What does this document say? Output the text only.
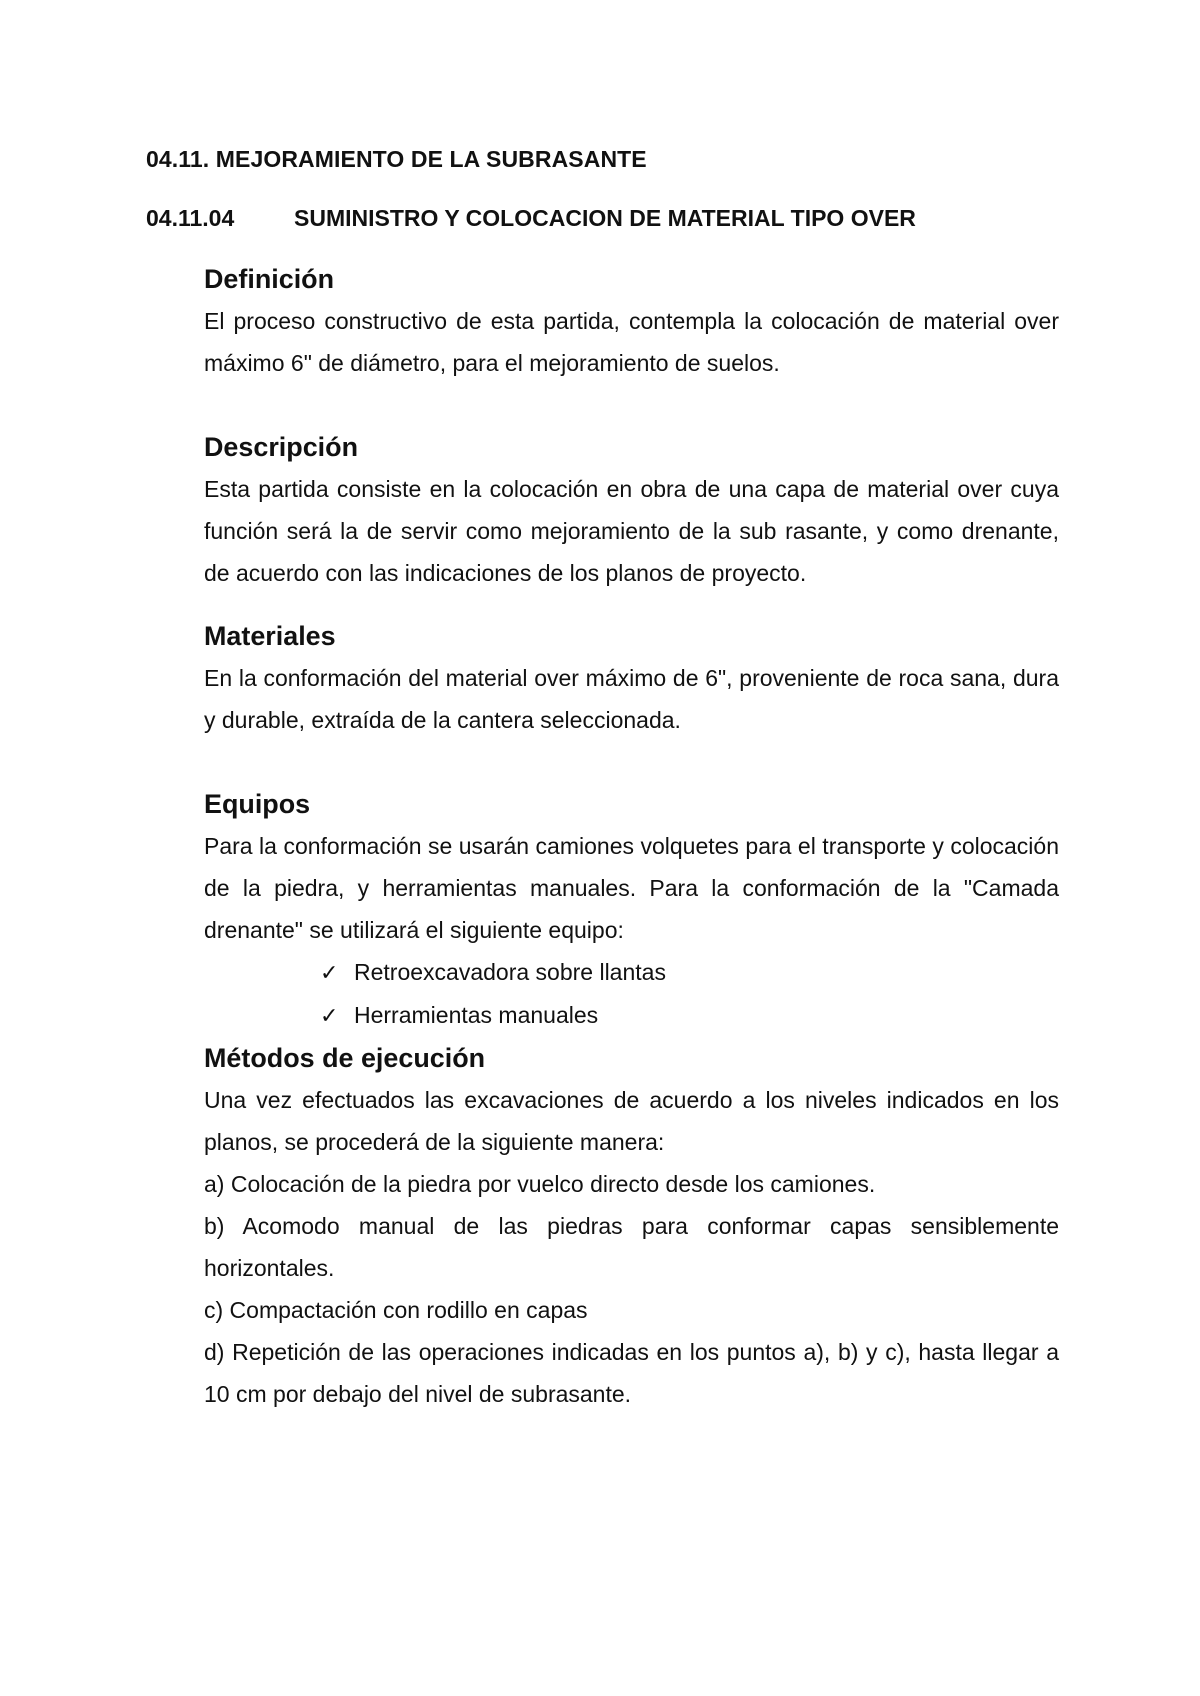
04.11. MEJORAMIENTO DE LA SUBRASANTE
04.11.04	SUMINISTRO Y COLOCACION DE MATERIAL TIPO OVER
Definición

El proceso constructivo de esta partida, contempla la colocación de material over máximo 6" de diámetro, para el mejoramiento de suelos.

Descripción

Esta partida consiste en la colocación en obra de una capa de material over cuya función será la de servir como mejoramiento de la sub rasante, y como drenante, de acuerdo con las indicaciones de los planos de proyecto.

Materiales

En la conformación del material over máximo de 6", proveniente de roca sana, dura y durable, extraída de la cantera seleccionada.

Equipos

Para la conformación se usarán camiones volquetes para el transporte y colocación de la piedra, y herramientas manuales. Para la conformación de la "Camada drenante" se utilizará el siguiente equipo:

✓ Retroexcavadora sobre llantas
✓ Herramientas manuales
Métodos de ejecución

Una vez efectuados las excavaciones de acuerdo a los niveles indicados en los planos, se procederá de la siguiente manera:

a) Colocación de la piedra por vuelco directo desde los camiones.

b) Acomodo manual de las piedras para conformar capas sensiblemente horizontales.

c) Compactación con rodillo en capas

d) Repetición de las operaciones indicadas en los puntos a), b) y c), hasta llegar a 10 cm por debajo del nivel de subrasante.
